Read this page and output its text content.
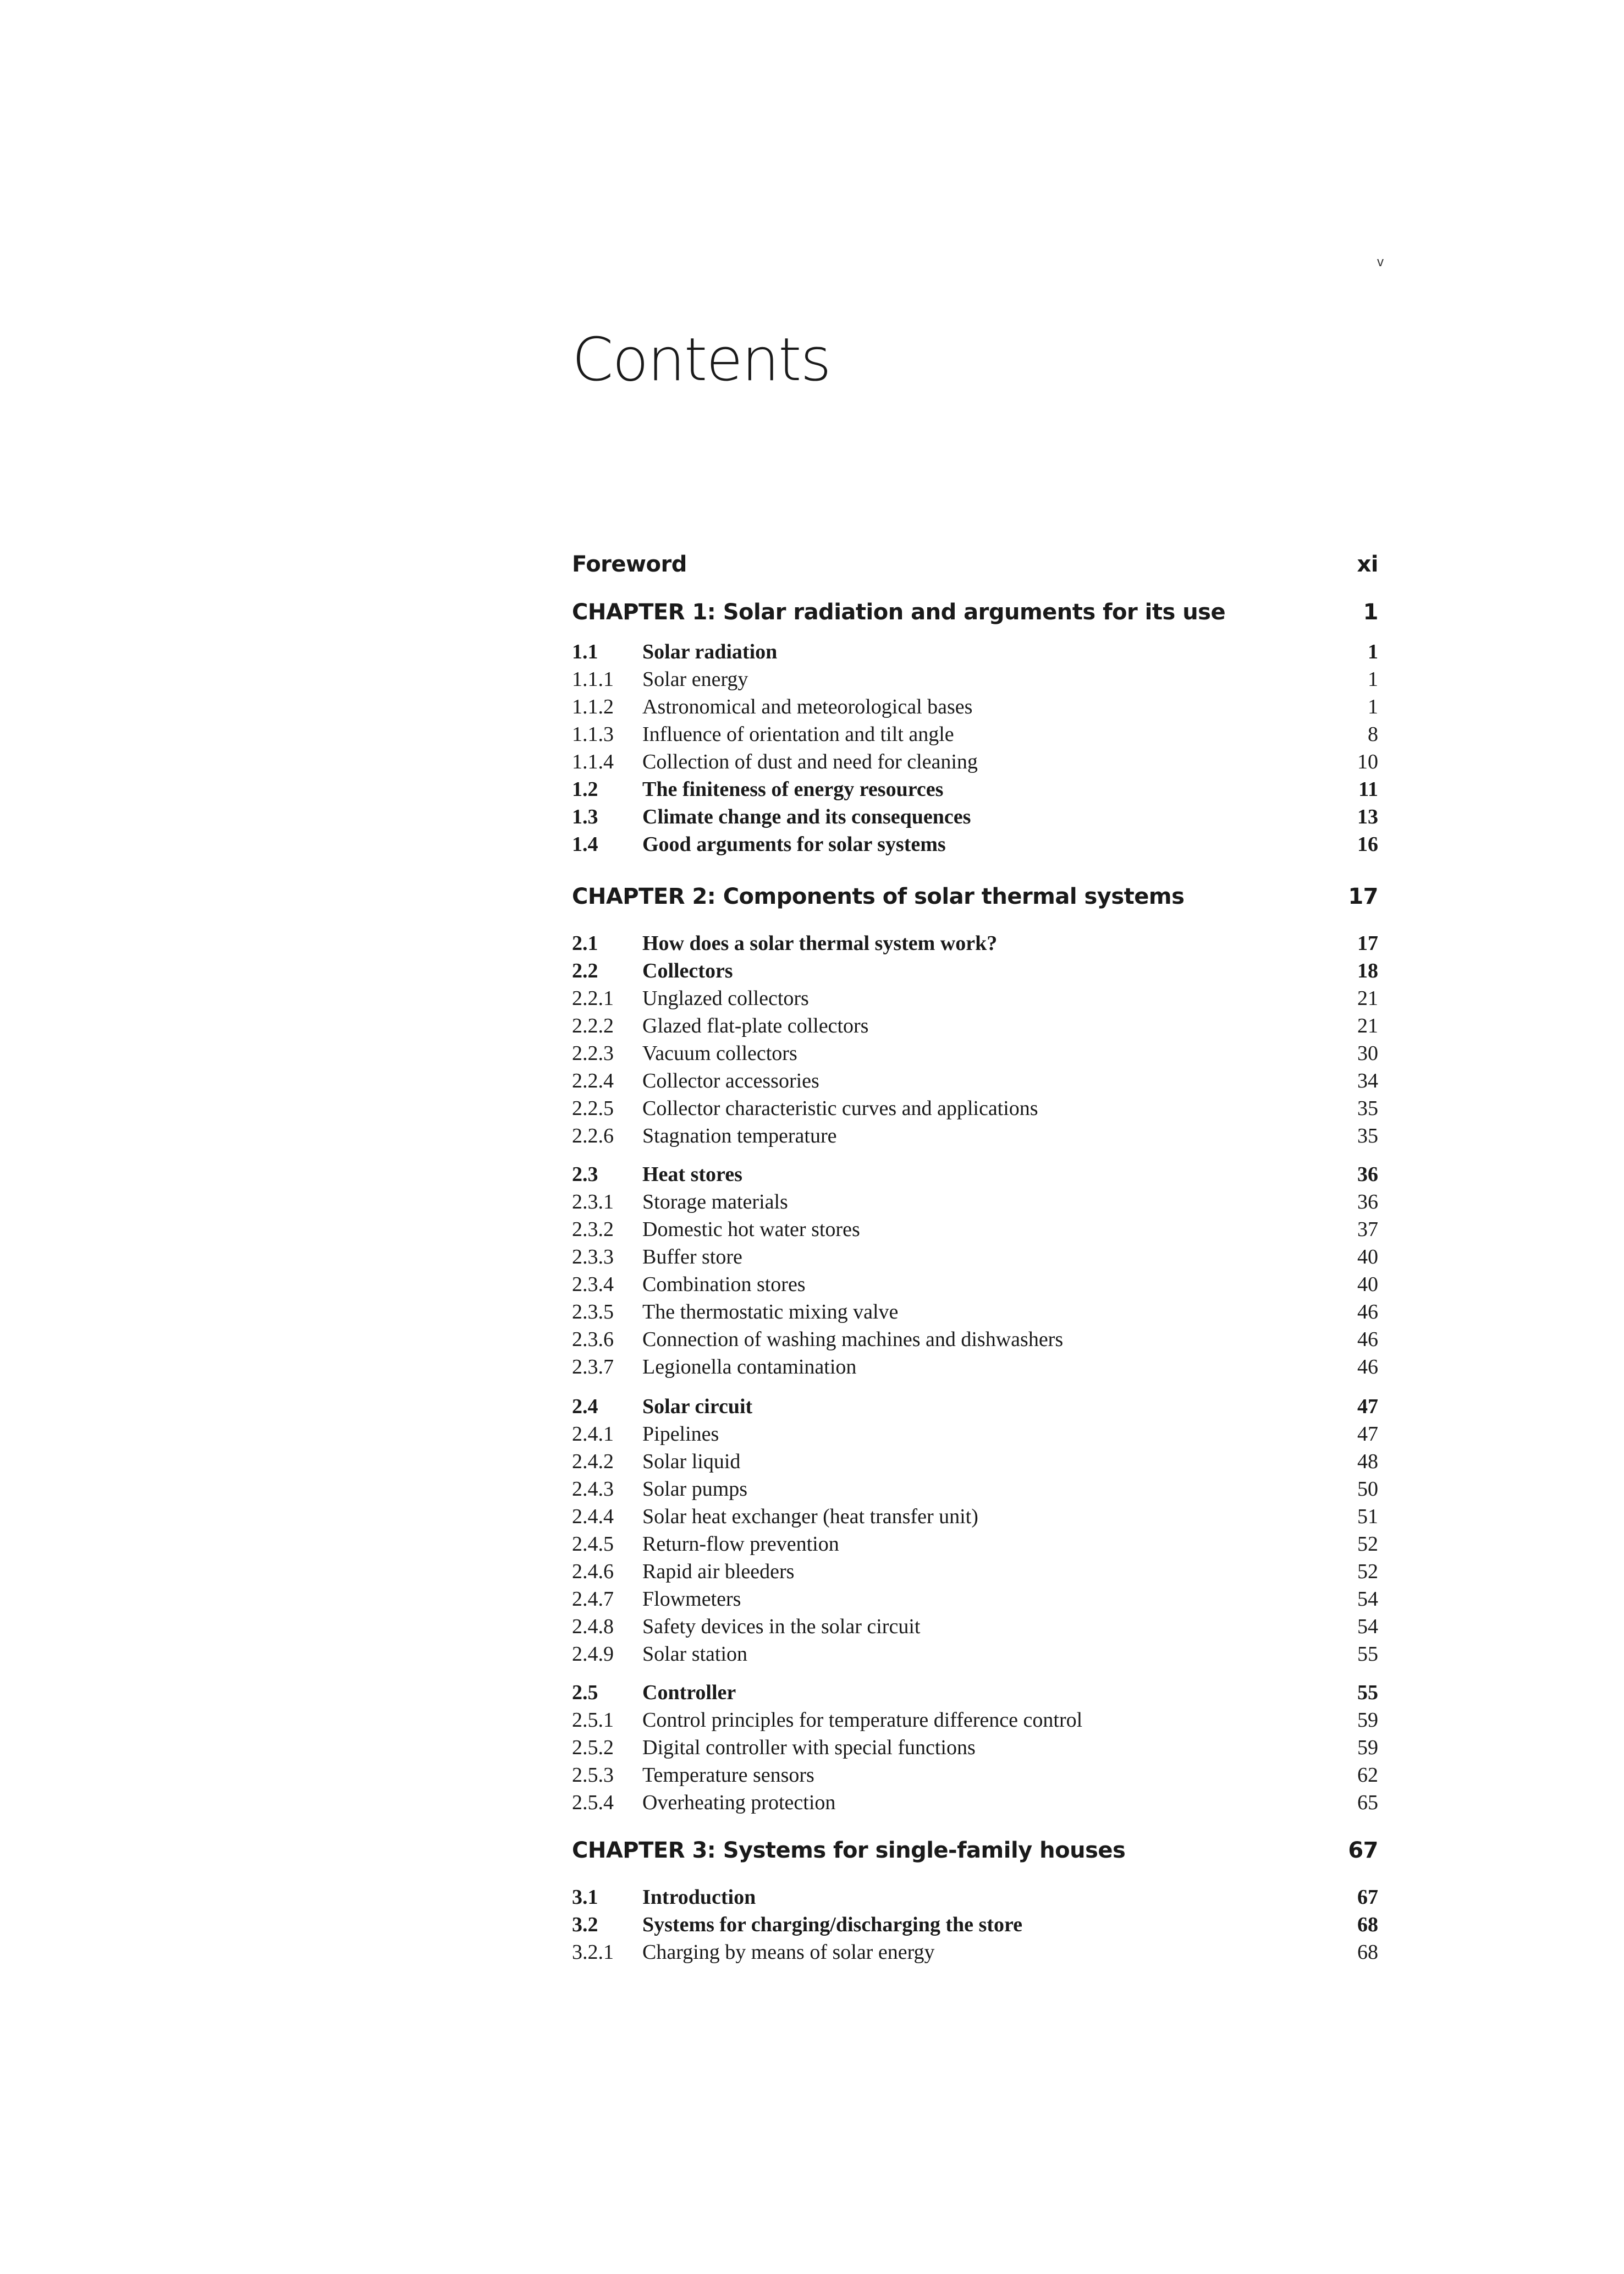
v
Contents
Foreword	xi
CHAPTER 1: Solar radiation and arguments for its use	1
1.1	Solar radiation	1
1.1.1	Solar energy	1
1.1.2	Astronomical and meteorological bases	1
1.1.3	Influence of orientation and tilt angle	8
1.1.4	Collection of dust and need for cleaning	10
1.2	The finiteness of energy resources	11
1.3	Climate change and its consequences	13
1.4	Good arguments for solar systems	16
CHAPTER 2: Components of solar thermal systems	17
2.1	How does a solar thermal system work?	17
2.2	Collectors	18
2.2.1	Unglazed collectors	21
2.2.2	Glazed flat-plate collectors	21
2.2.3	Vacuum collectors	30
2.2.4	Collector accessories	34
2.2.5	Collector characteristic curves and applications	35
2.2.6	Stagnation temperature	35
2.3	Heat stores	36
2.3.1	Storage materials	36
2.3.2	Domestic hot water stores	37
2.3.3	Buffer store	40
2.3.4	Combination stores	40
2.3.5	The thermostatic mixing valve	46
2.3.6	Connection of washing machines and dishwashers	46
2.3.7	Legionella contamination	46
2.4	Solar circuit	47
2.4.1	Pipelines	47
2.4.2	Solar liquid	48
2.4.3	Solar pumps	50
2.4.4	Solar heat exchanger (heat transfer unit)	51
2.4.5	Return-flow prevention	52
2.4.6	Rapid air bleeders	52
2.4.7	Flowmeters	54
2.4.8	Safety devices in the solar circuit	54
2.4.9	Solar station	55
2.5	Controller	55
2.5.1	Control principles for temperature difference control	59
2.5.2	Digital controller with special functions	59
2.5.3	Temperature sensors	62
2.5.4	Overheating protection	65
CHAPTER 3: Systems for single-family houses	67
3.1	Introduction	67
3.2	Systems for charging/discharging the store	68
3.2.1	Charging by means of solar energy	68
